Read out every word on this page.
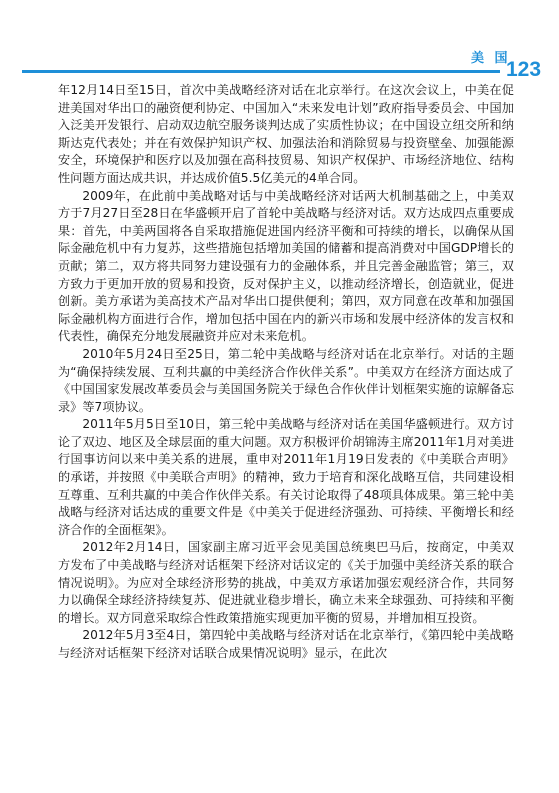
美 国
123

年12月14日至15日，首次中美战略经济对话在北京举行。在这次会议上，中美在促进美国对华出口的融资便利协定、中国加入“未来发电计划”政府指导委员会、中国加入泛美开发银行、启动双边航空服务谈判达成了实质性协议；在中国设立纽交所和纳斯达克代表处；并在有效保护知识产权、加强法治和消除贸易与投资壁垒、加强能源安全，环境保护和医疗以及加强在高科技贸易、知识产权保护、市场经济地位、结构性问题方面达成共识，并达成价值5.5亿美元的4单合同。

2009年，在此前中美战略对话与中美战略经济对话两大机制基础之上，中美双方于7月27日至28日在华盛顿开启了首轮中美战略与经济对话。双方达成四点重要成果：首先，中美两国将各自采取措施促进国内经济平衡和可持续的增长，以确保从国际金融危机中有力复苏，这些措施包括增加美国的储蓄和提高消费对中国GDP增长的贡献；第二，双方将共同努力建设强有力的金融体系，并且完善金融监管；第三，双方致力于更加开放的贸易和投资，反对保护主义，以推动经济增长，创造就业，促进创新。美方承诺为美高技术产品对华出口提供便利；第四，双方同意在改革和加强国际金融机构方面进行合作，增加包括中国在内的新兴市场和发展中经济体的发言权和代表性，确保充分地发展融资并应对未来危机。

2010年5月24日至25日，第二轮中美战略与经济对话在北京举行。对话的主题为“确保持续发展、互利共赢的中美经济合作伙伴关系”。中美双方在经济方面达成了《中国国家发展改革委员会与美国国务院关于绿色合作伙伴计划框架实施的谅解备忘录》等7项协议。

2011年5月5日至10日，第三轮中美战略与经济对话在美国华盛顿进行。双方讨论了双边、地区及全球层面的重大问题。双方积极评价胡锦涛主席2011年1月对美进行国事访问以来中美关系的进展，重申对2011年1月19日发表的《中美联合声明》的承诺，并按照《中美联合声明》的精神，致力于培育和深化战略互信，共同建设相互尊重、互利共赢的中美合作伙伴关系。有关讨论取得了48项具体成果。第三轮中美战略与经济对话达成的重要文件是《中美关于促进经济强劲、可持续、平衡增长和经济合作的全面框架》。

2012年2月14日，国家副主席习近平会见美国总统奥巴马后，按商定，中美双方发布了中美战略与经济对话框架下经济对话议定的《关于加强中美经济关系的联合情况说明》。为应对全球经济形势的挑战，中美双方承诺加强宏观经济合作，共同努力以确保全球经济持续复苏、促进就业稳步增长，确立未来全球强劲、可持续和平衡的增长。双方同意采取综合性政策措施实现更加平衡的贸易，并增加相互投资。

2012年5月3至4日，第四轮中美战略与经济对话在北京举行，《第四轮中美战略与经济对话框架下经济对话联合成果情况说明》显示，在此次
